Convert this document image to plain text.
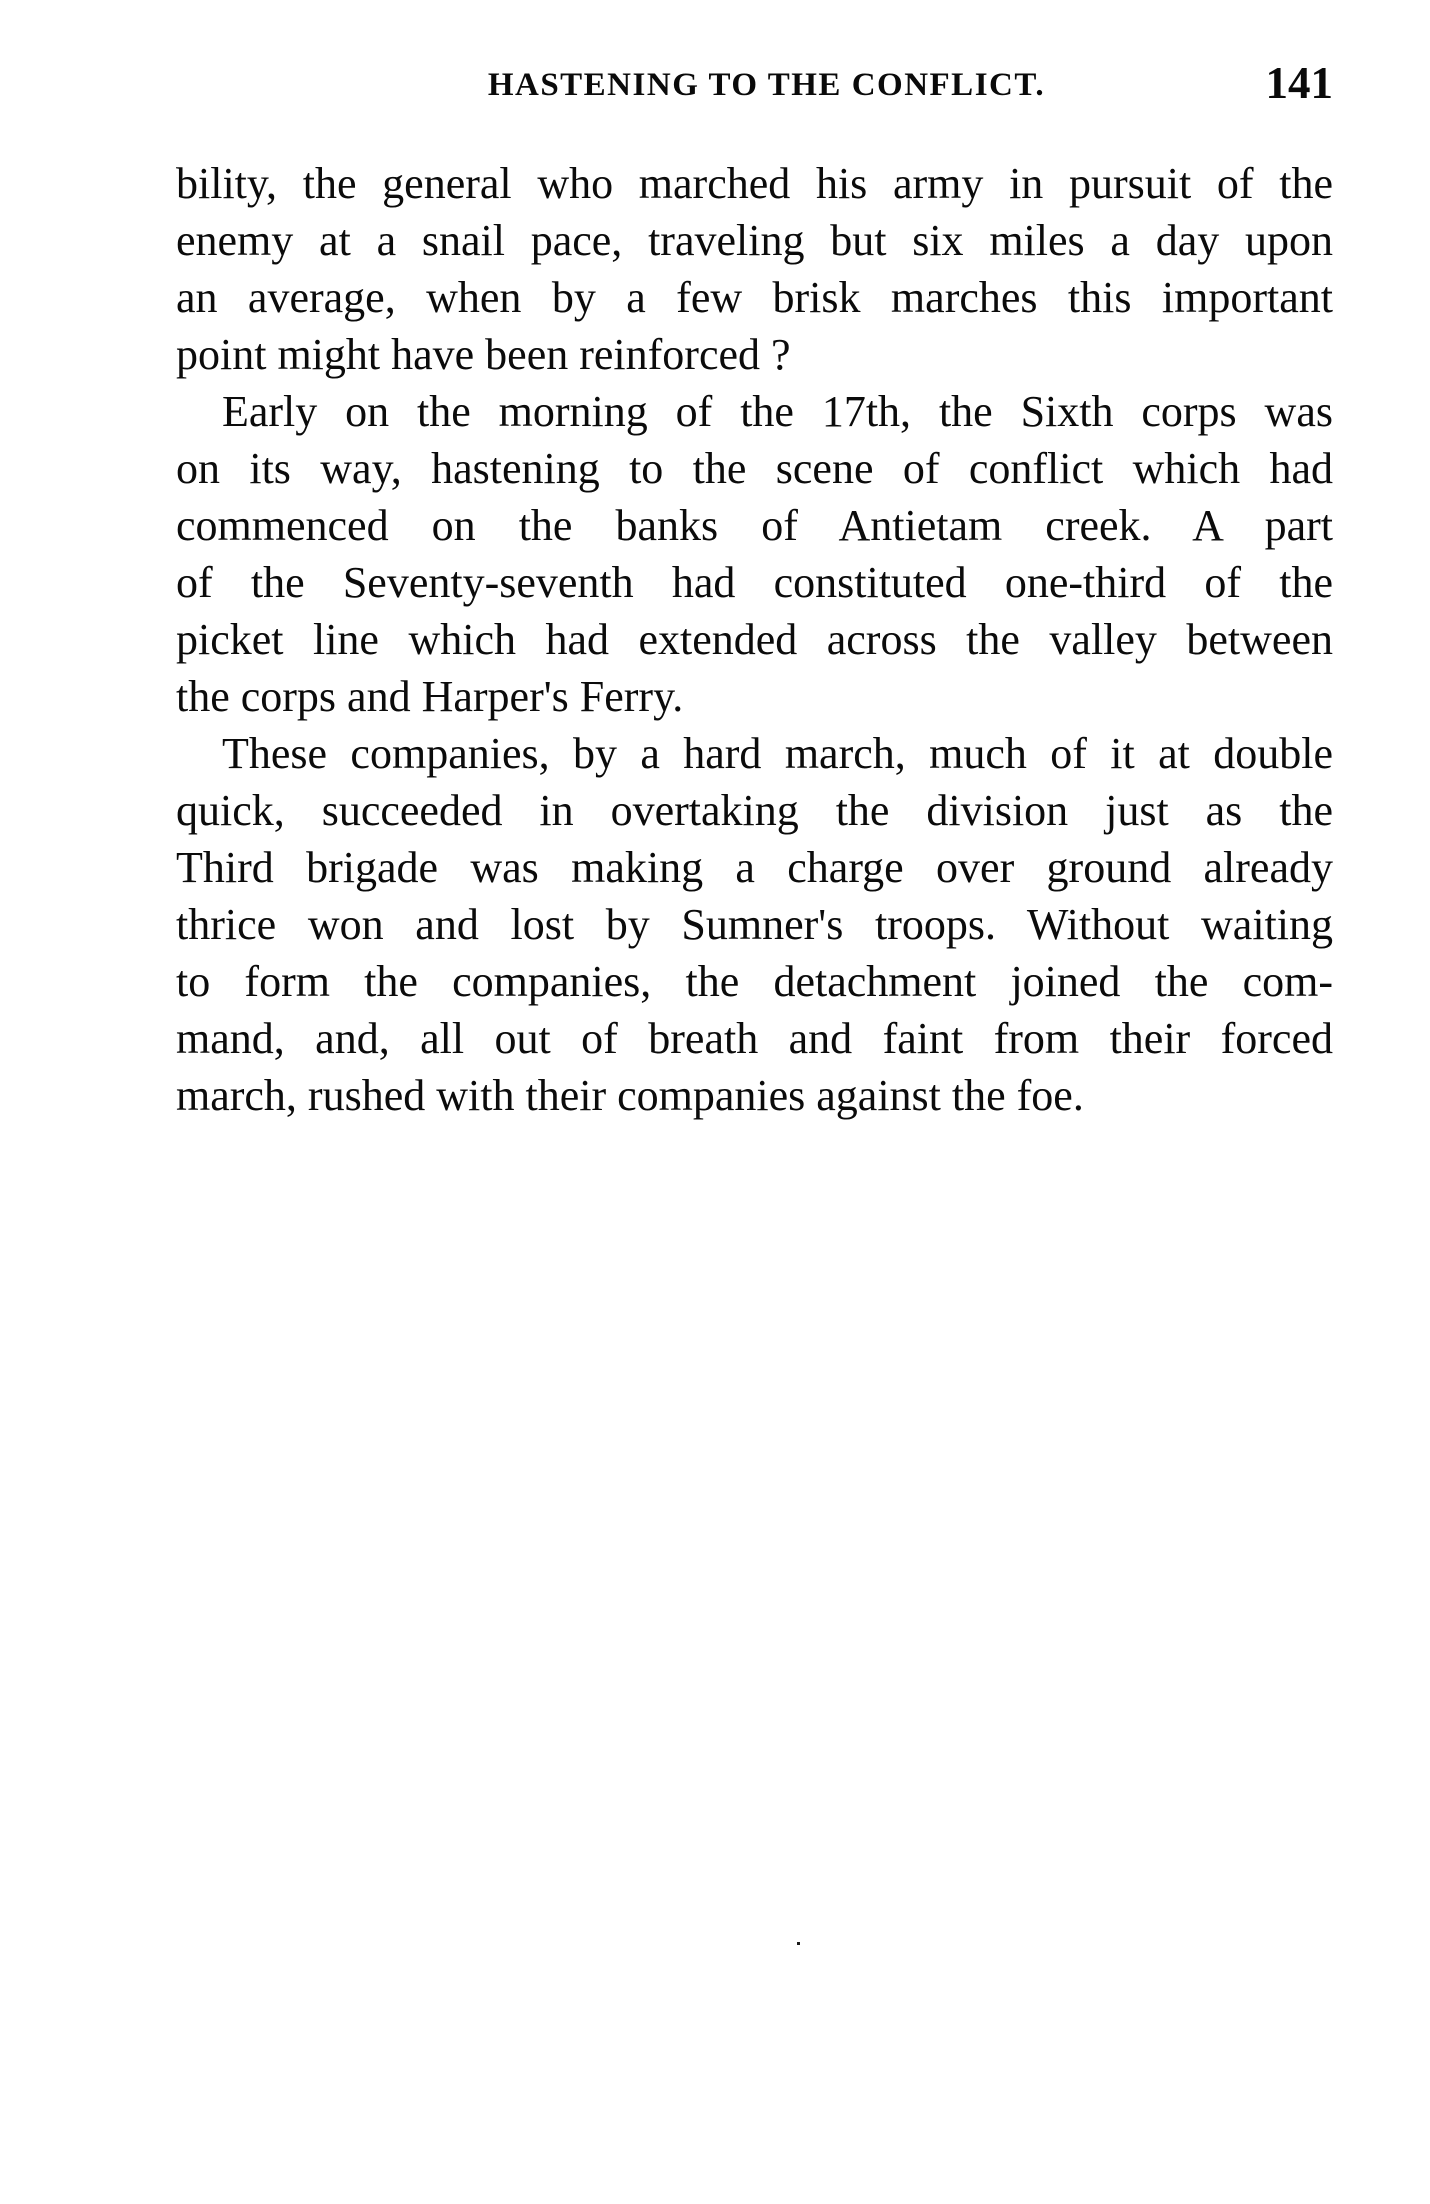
HASTENING TO THE CONFLICT.	141
bility, the general who marched his army in pursuit of the
enemy at a snail pace, traveling but six miles a day upon
an average, when by a few brisk marches this important
point might have been reinforced ?
Early on the morning of the 17th, the Sixth corps was
on its way, hastening to the scene of conflict which had
commenced on the banks of Antietam creek. A part
of the Seventy-seventh had constituted one-third of the
picket line which had extended across the valley between
the corps and Harper's Ferry.
These companies, by a hard march, much of it at double
quick, succeeded in overtaking the division just as the
Third brigade was making a charge over ground already
thrice won and lost by Sumner's troops. Without waiting
to form the companies, the detachment joined the com-
mand, and, all out of breath and faint from their forced
march, rushed with their companies against the foe.
